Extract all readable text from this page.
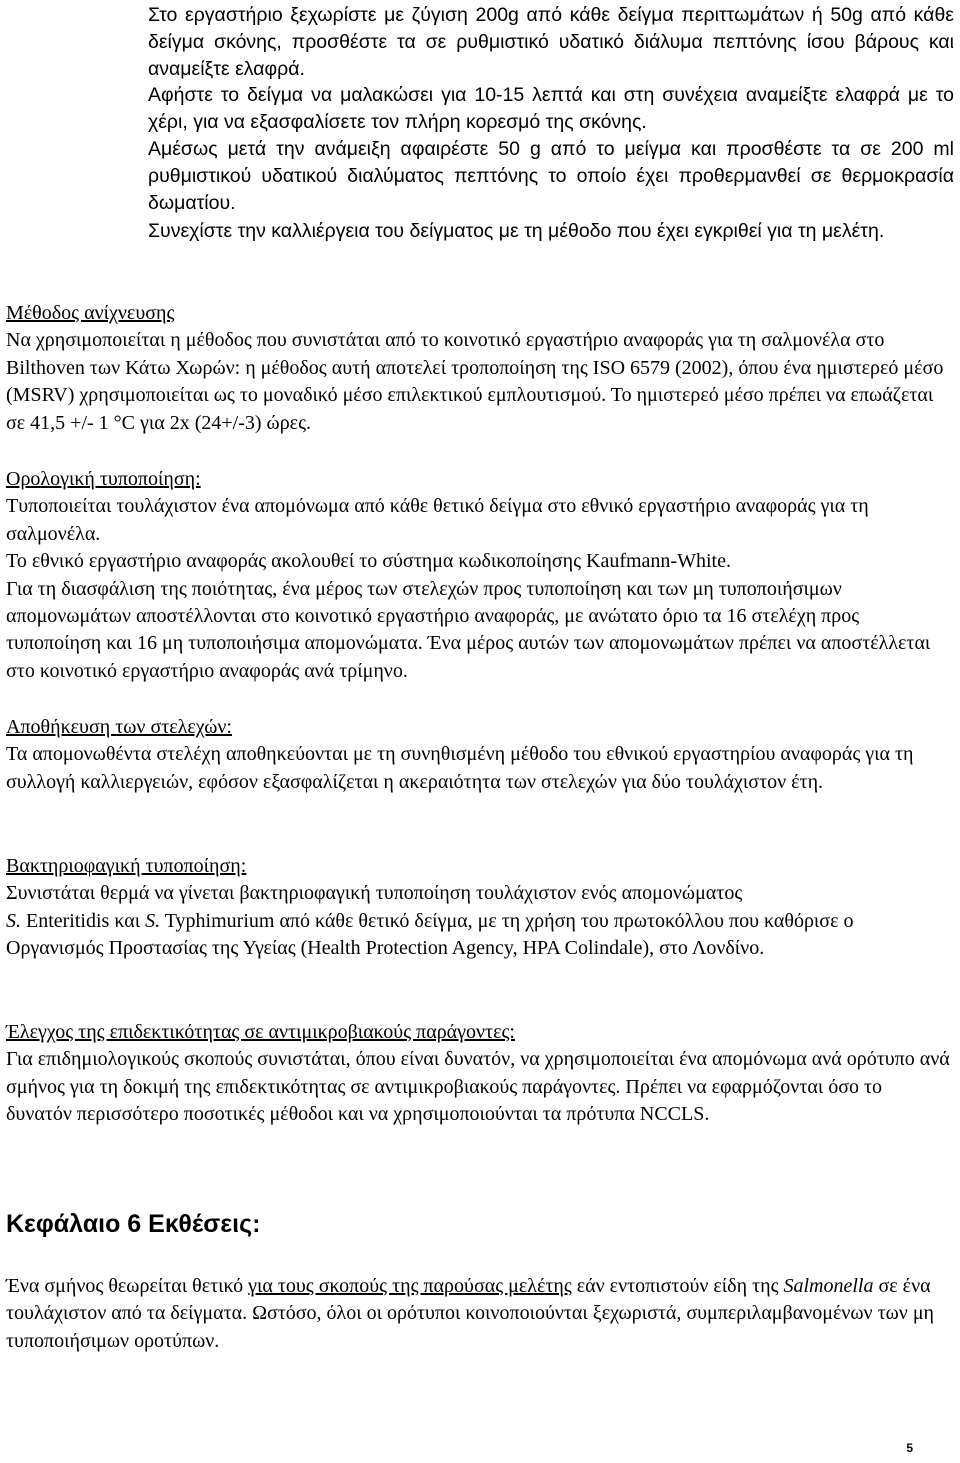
Στο εργαστήριο ξεχωρίστε με ζύγιση 200g από κάθε δείγμα περιττωμάτων ή 50g από κάθε δείγμα σκόνης, προσθέστε τα σε ρυθμιστικό υδατικό διάλυμα πεπτόνης ίσου βάρους και αναμείξτε ελαφρά.
Αφήστε το δείγμα να μαλακώσει για 10-15 λεπτά και στη συνέχεια αναμείξτε ελαφρά με το χέρι, για να εξασφαλίσετε τον πλήρη κορεσμό της σκόνης.
Αμέσως μετά την ανάμειξη αφαιρέστε 50 g από το μείγμα και προσθέστε τα σε 200 ml ρυθμιστικού υδατικού διαλύματος πεπτόνης το οποίο έχει προθερμανθεί σε θερμοκρασία δωματίου.
Συνεχίστε την καλλιέργεια του δείγματος με τη μέθοδο που έχει εγκριθεί για τη μελέτη.
Μέθοδος ανίχνευσης
Να χρησιμοποιείται η μέθοδος που συνιστάται από το κοινοτικό εργαστήριο αναφοράς για τη σαλμονέλα στο Bilthoven των Κάτω Χωρών: η μέθοδος αυτή αποτελεί τροποποίηση της ISO 6579 (2002), όπου ένα ημιστερεό μέσο (MSRV) χρησιμοποιείται ως το μοναδικό μέσο επιλεκτικού εμπλουτισμού. Το ημιστερεό μέσο πρέπει να επωάζεται σε 41,5 +/- 1 °C για 2x (24+/-3) ώρες.
Ορολογική τυποποίηση:
Τυποποιείται τουλάχιστον ένα απομόνωμα από κάθε θετικό δείγμα στο εθνικό εργαστήριο αναφοράς για τη σαλμονέλα.
Το εθνικό εργαστήριο αναφοράς ακολουθεί το σύστημα κωδικοποίησης Kaufmann-White.
Για τη διασφάλιση της ποιότητας, ένα μέρος των στελεχών προς τυποποίηση και των μη τυποποιήσιμων απομονωμάτων αποστέλλονται στο κοινοτικό εργαστήριο αναφοράς, με ανώτατο όριο τα 16 στελέχη προς τυποποίηση και 16 μη τυποποιήσιμα απομονώματα. Ένα μέρος αυτών των απομονωμάτων πρέπει να αποστέλλεται στο κοινοτικό εργαστήριο αναφοράς ανά τρίμηνο.
Αποθήκευση των στελεχών:
Τα απομονωθέντα στελέχη αποθηκεύονται με τη συνηθισμένη μέθοδο του εθνικού εργαστηρίου αναφοράς για τη συλλογή καλλιεργειών, εφόσον εξασφαλίζεται η ακεραιότητα των στελεχών για δύο τουλάχιστον έτη.
Βακτηριοφαγική τυποποίηση:
Συνιστάται θερμά να γίνεται βακτηριοφαγική τυποποίηση τουλάχιστον ενός απομονώματος
S. Enteritidis και S. Typhimurium από κάθε θετικό δείγμα, με τη χρήση του πρωτοκόλλου που καθόρισε ο Οργανισμός Προστασίας της Υγείας (Health Protection Agency, HPA Colindale), στο Λονδίνο.
Έλεγχος της επιδεκτικότητας σε αντιμικροβιακούς παράγοντες:
Για επιδημιολογικούς σκοπούς συνιστάται, όπου είναι δυνατόν, να χρησιμοποιείται ένα απομόνωμα ανά ορότυπο ανά σμήνος για τη δοκιμή της επιδεκτικότητας σε αντιμικροβιακούς παράγοντες. Πρέπει να εφαρμόζονται όσο το δυνατόν περισσότερο ποσοτικές μέθοδοι και να χρησιμοποιούνται τα πρότυπα NCCLS.
Κεφάλαιο 6 Εκθέσεις:
Ένα σμήνος θεωρείται θετικό για τους σκοπούς της παρούσας μελέτης εάν εντοπιστούν είδη της Salmonella σε ένα τουλάχιστον από τα δείγματα. Ωστόσο, όλοι οι ορότυποι κοινοποιούνται ξεχωριστά, συμπεριλαμβανομένων των μη τυποποιήσιμων οροτύπων.
5
